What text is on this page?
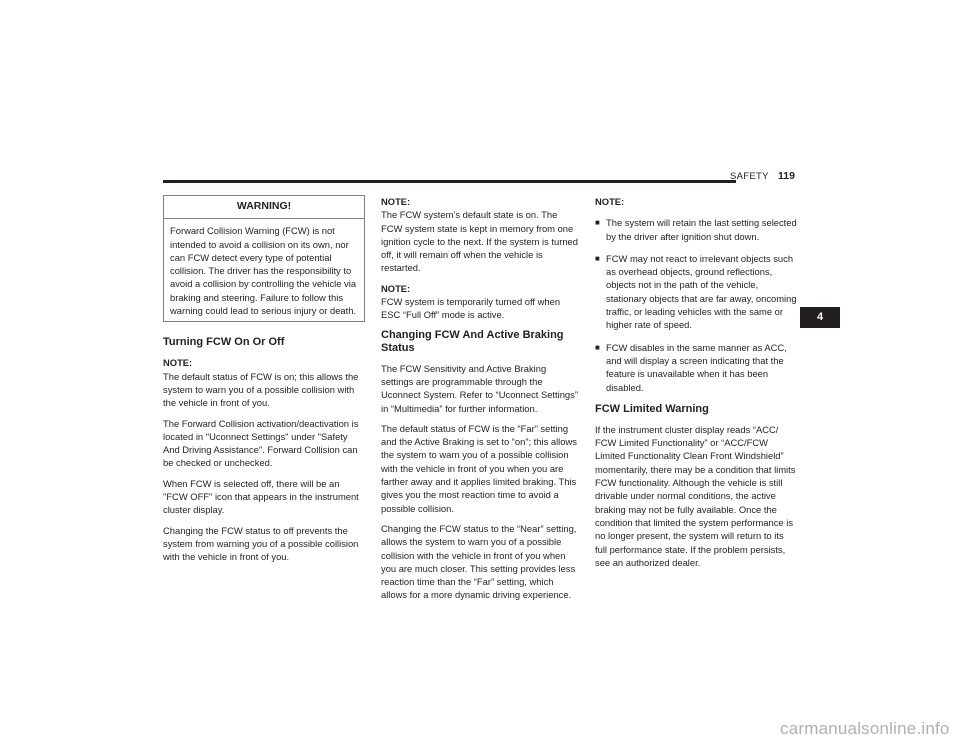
SAFETY 119
WARNING!
Forward Collision Warning (FCW) is not intended to avoid a collision on its own, nor can FCW detect every type of potential collision. The driver has the responsibility to avoid a collision by controlling the vehicle via braking and steering. Failure to follow this warning could lead to serious injury or death.
Turning FCW On Or Off

NOTE:
The default status of FCW is on; this allows the system to warn you of a possible collision with the vehicle in front of you.

The Forward Collision activation/deactivation is located in "Uconnect Settings" under "Safety And Driving Assistance". Forward Collision can be checked or unchecked.

When FCW is selected off, there will be an "FCW OFF" icon that appears in the instrument cluster display.

Changing the FCW status to off prevents the system from warning you of a possible collision with the vehicle in front of you.

NOTE:
The FCW system’s default state is on. The FCW system state is kept in memory from one ignition cycle to the next. If the system is turned off, it will remain off when the vehicle is restarted.

NOTE:
FCW system is temporarily turned off when ESC “Full Off” mode is active.

Changing FCW And Active Braking Status

The FCW Sensitivity and Active Braking settings are programmable through the Uconnect System. Refer to “Uconnect Settings” in “Multimedia” for further information.

The default status of FCW is the “Far” setting and the Active Braking is set to “on”; this allows the system to warn you of a possible collision with the vehicle in front of you when you are farther away and it applies limited braking. This gives you the most reaction time to avoid a possible collision.

Changing the FCW status to the “Near” setting, allows the system to warn you of a possible collision with the vehicle in front of you when you are much closer. This setting provides less reaction time than the “Far” setting, which allows for a more dynamic driving experience.

NOTE:
■ The system will retain the last setting selected by the driver after ignition shut down.
■ FCW may not react to irrelevant objects such as overhead objects, ground reflections, objects not in the path of the vehicle, stationary objects that are far away, oncoming traffic, or leading vehicles with the same or higher rate of speed.
■ FCW disables in the same manner as ACC, and will display a screen indicating that the feature is unavailable when it has been disabled.
FCW Limited Warning

If the instrument cluster display reads “ACC/ FCW Limited Functionality” or “ACC/FCW Limited Functionality Clean Front Windshield” momentarily, there may be a condition that limits FCW functionality. Although the vehicle is still drivable under normal conditions, the active braking may not be fully available. Once the condition that limited the system performance is no longer present, the system will return to its full performance state. If the problem persists, see an authorized dealer.

4
carmanualsonline.info
